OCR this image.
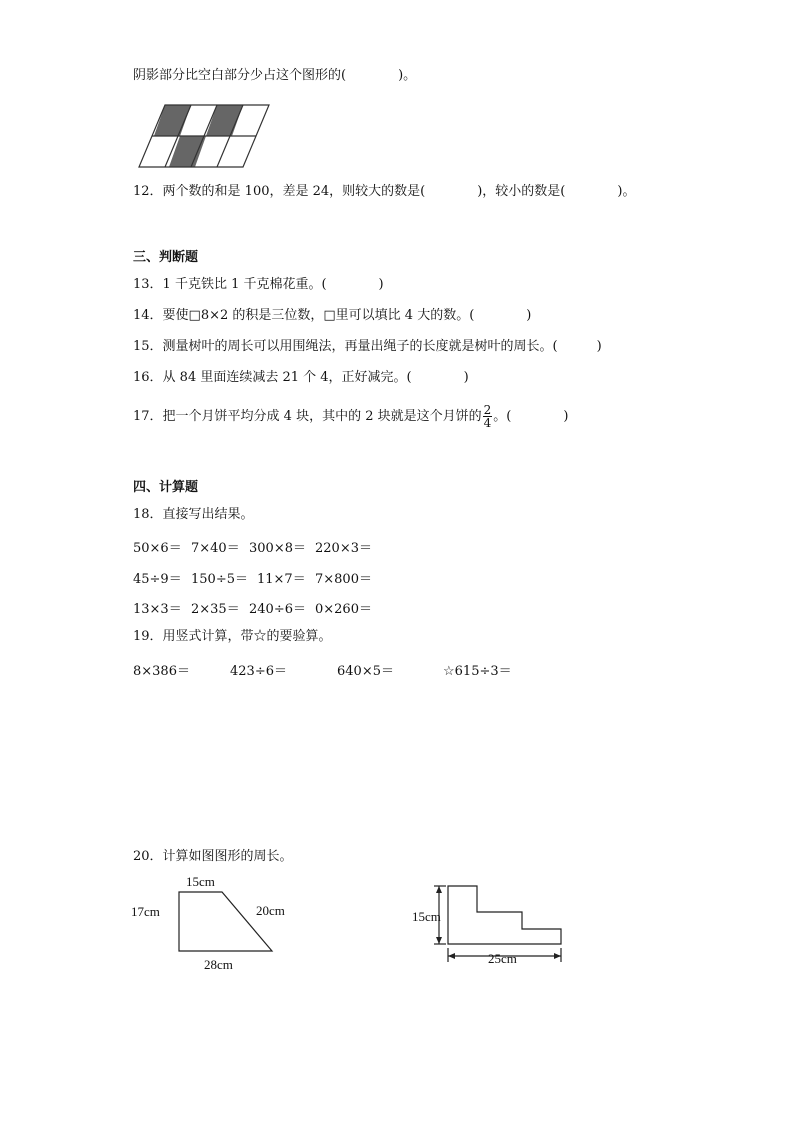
阴影部分比空白部分少占这个图形的(　　　　)。
12．两个数的和是 100，差是 24，则较大的数是(　　　　)，较小的数是(　　　　)。
三、判断题
13．1 千克铁比 1 千克棉花重。(　　　　)
14．要使□8×2 的积是三位数，□里可以填比 4 大的数。(　　　　)
15．测量树叶的周长可以用围绳法，再量出绳子的长度就是树叶的周长。(　　　)
16．从 84 里面连续减去 21 个 4，正好减完。(　　　　)
17．把一个月饼平均分成 4 块，其中的 2 块就是这个月饼的 $\frac{2}{4}$ 。(　　　　)
四、计算题
18．直接写出结果。
50×6＝ 7×40＝ 300×8＝ 220×3＝
45÷9＝ 150÷5＝ 11×7＝ 7×800＝
13×3＝ 2×35＝ 240÷6＝ 0×260＝
19．用竖式计算，带☆的要验算。
8×386＝	423÷6＝	640×5＝	☆615÷3＝
20．计算如图图形的周长。
15cm
17cm	20cm
28cm
15cm
25cm
